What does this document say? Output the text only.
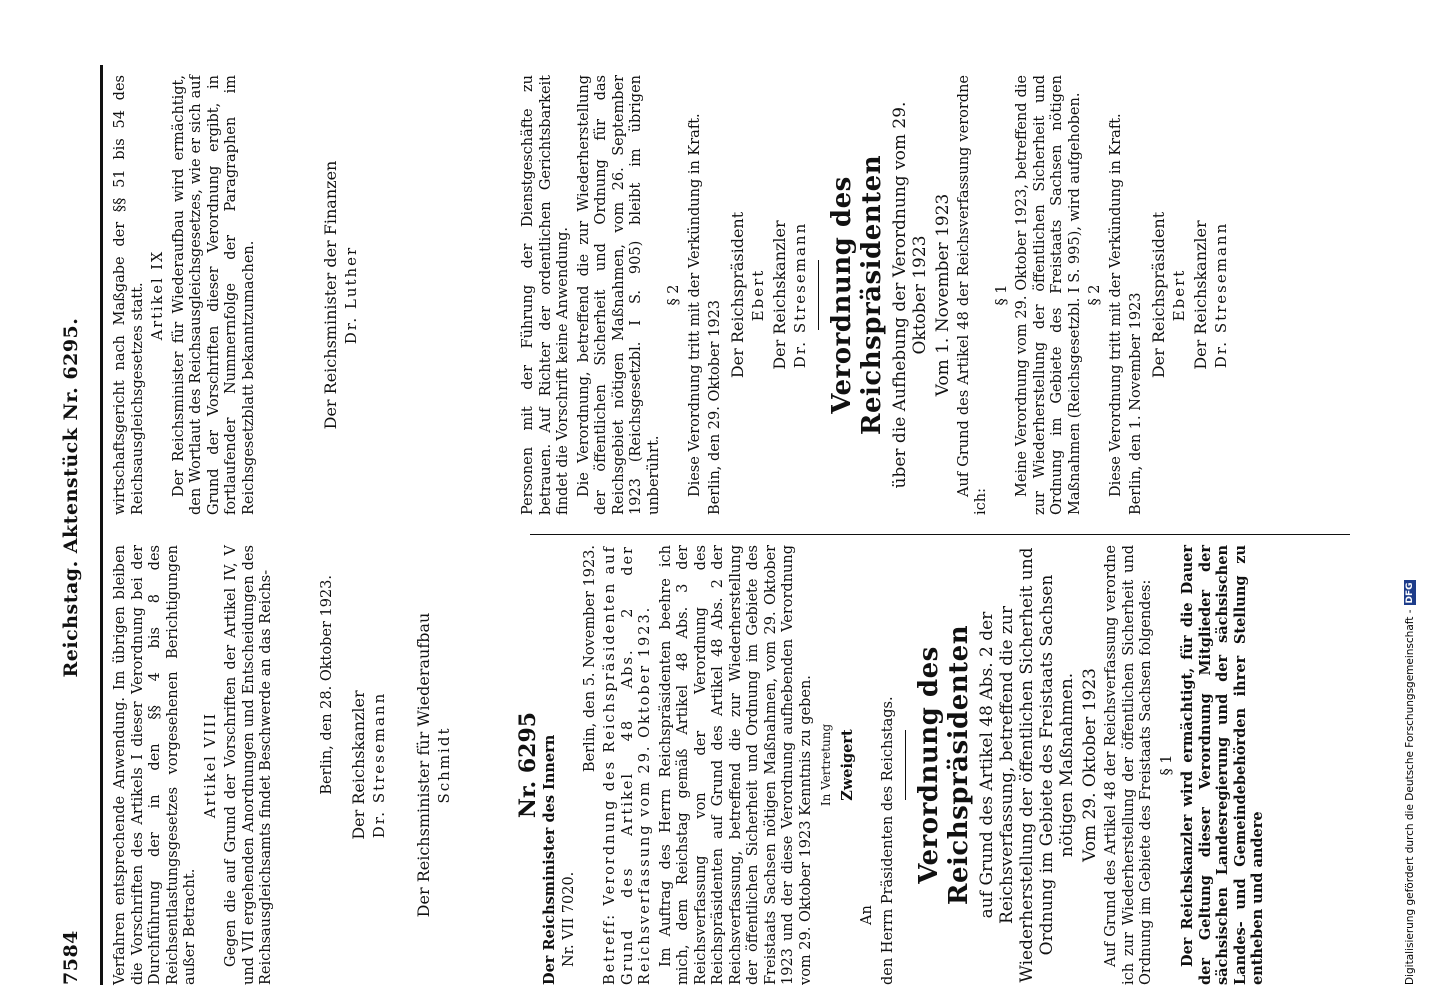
7584
Reichstag. Aktenstück Nr. 6295.

Verfahren entsprechende Anwendung. Im übrigen bleiben die Vorschriften des Artikels I dieser Verordnung bei der Durchführung der in den §§ 4 bis 8 des Reichsentlastungsgesetzes vorgesehenen Berichtigungen außer Betracht.

Artikel VIII Gegen die auf Grund der Vorschriften der Artikel IV, V und VII ergehenden Anordnungen und Entscheidungen des Reichsausgleichsamts findet Beschwerde an das Reichs-	Berlin, den 28. Oktober 1923. Der Reichskanzler Dr. Stresemann Der Reichsminister für Wiederaufbau Schmidt

wirtschaftsgericht nach Maßgabe der §§ 51 bis 54 des Reichsausgleichsgesetzes statt. Artikel IX Der Reichsminister für Wiederaufbau wird ermächtigt, den Wortlaut des Reichsausgleichsgesetzes, wie er sich auf Grund der Vorschriften dieser Verordnung ergibt, in fortlaufender Nummernfolge der Paragraphen im Reichsgesetzblatt bekanntzumachen.	Der Reichsminister der Finanzen Dr. Luther

Nr. 6295 Der Reichsminister des Innern Nr. VII 7020.

Berlin, den 5. November 1923. Betreff: Verordnung des Reichspräsidenten auf Grund des Artikel 48 Abs. 2 der Reichsverfassung vom 29. Oktober 1923. Im Auftrag des Herrn Reichspräsidenten beehre ich mich, dem Reichstag gemäß Artikel 48 Abs. 3 der Reichsverfassung von der Verordnung des Reichspräsidenten auf Grund des Artikel 48 Abs. 2 der Reichsverfassung, betreffend die zur Wiederherstellung der öffentlichen Sicherheit und Ordnung im Gebiete des Freistaats Sachsen nötigen Maßnahmen, vom 29. Oktober 1923 und der diese Verordnung aufhebenden Verordnung vom 29. Oktober 1923 Kenntnis zu geben. In Vertretung Zweigert

An den Herrn Präsidenten des Reichstags. Verordnung des Reichspräsidenten auf Grund des Artikel 48 Abs. 2 der Reichsverfassung, betreffend die zur Wiederherstellung der öffentlichen Sicherheit und Ordnung im Gebiete des Freistaats Sachsen nötigen Maßnahmen. Vom 29. Oktober 1923 Auf Grund des Artikel 48 der Reichsverfassung verordne ich zur Wiederherstellung der öffentlichen Sicherheit und Ordnung im Gebiete des Freistaats Sachsen folgendes: § 1 Der Reichskanzler wird ermächtigt, für die Dauer der Geltung dieser Verordnung Mitglieder der sächsischen Landesregierung und der sächsischen Landes- und Gemeindebehörden ihrer Stellung zu entheben und andere

Personen mit der Führung der Dienstgeschäfte zu betrauen. Auf Richter der ordentlichen Gerichtsbarkeit findet die Vorschrift keine Anwendung. Die Verordnung, betreffend die zur Wiederherstellung der öffentlichen Sicherheit und Ordnung für das Reichsgebiet nötigen Maßnahmen, vom 26. September 1923 (Reichsgesetzbl. I S. 905) bleibt im übrigen unberührt.

§ 2 Diese Verordnung tritt mit der Verkündung in Kraft. Berlin, den 29. Oktober 1923

Der Reichspräsident Ebert Der Reichskanzler Dr. Stresemann Verordnung des Reichspräsidenten über die Aufhebung der Verordnung vom 29. Oktober 1923 Vom 1. November 1923 Auf Grund des Artikel 48 der Reichsverfassung verordne ich:

§ 1 Meine Verordnung vom 29. Oktober 1923, betreffend die zur Wiederherstellung der öffentlichen Sicherheit und Ordnung im Gebiete des Freistaats Sachsen nötigen Maßnahmen (Reichsgesetzbl. I S. 995), wird aufgehoben. § 2 Diese Verordnung tritt mit der Verkündung in Kraft. Berlin, den 1. November 1923 Der Reichspräsident Ebert Der Reichskanzler Dr. Stresemann

Digitalisierung gefördert durch die Deutsche Forschungsgemeinschaft -
DFG
